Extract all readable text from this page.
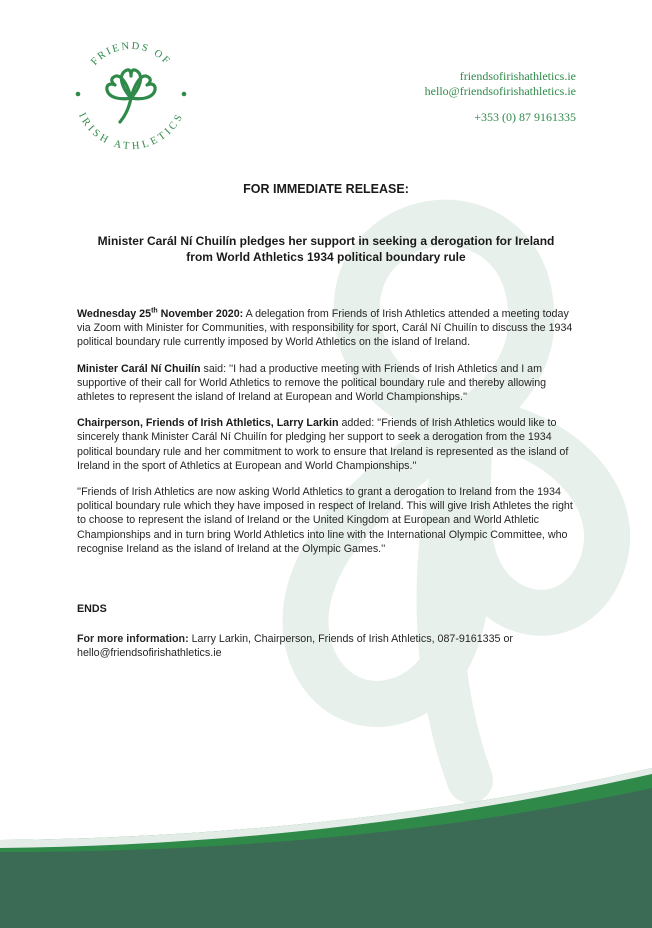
FRIENDS OF
IRISH ATHLETICS
friendsofirishathletics.ie
hello@friendsofirishathletics.ie
+353 (0) 87 9161335
FOR IMMEDIATE RELEASE:
Minister Carál Ní Chuilín pledges her support in seeking a derogation for Ireland
from World Athletics 1934 political boundary rule

Wednesday 25th November 2020: A delegation from Friends of Irish Athletics attended a meeting today via Zoom with Minister for Communities, with responsibility for sport, Carál Ní Chuilín to discuss the 1934 political boundary rule currently imposed by World Athletics on the island of Ireland.

Minister Carál Ní Chuilín said: ''I had a productive meeting with Friends of Irish Athletics and I am supportive of their call for World Athletics to remove the political boundary rule and thereby allowing athletes to represent the island of Ireland at European and World Championships.''

Chairperson, Friends of Irish Athletics, Larry Larkin added: ''Friends of Irish Athletics would like to sincerely thank Minister Carál Ní Chuilín for pledging her support to seek a derogation from the 1934 political boundary rule and her commitment to work to ensure that Ireland is represented as the island of Ireland in the sport of Athletics at European and World Championships.''

''Friends of Irish Athletics are now asking World Athletics to grant a derogation to Ireland from the 1934 political boundary rule which they have imposed in respect of Ireland. This will give Irish Athletes the right to choose to represent the island of Ireland or the United Kingdom at European and World Athletic Championships and in turn bring World Athletics into line with the International Olympic Committee, who recognise Ireland as the island of Ireland at the Olympic Games.''

ENDS
For more information: Larry Larkin, Chairperson, Friends of Irish Athletics, 087-9161335 or hello@friendsofirishathletics.ie
